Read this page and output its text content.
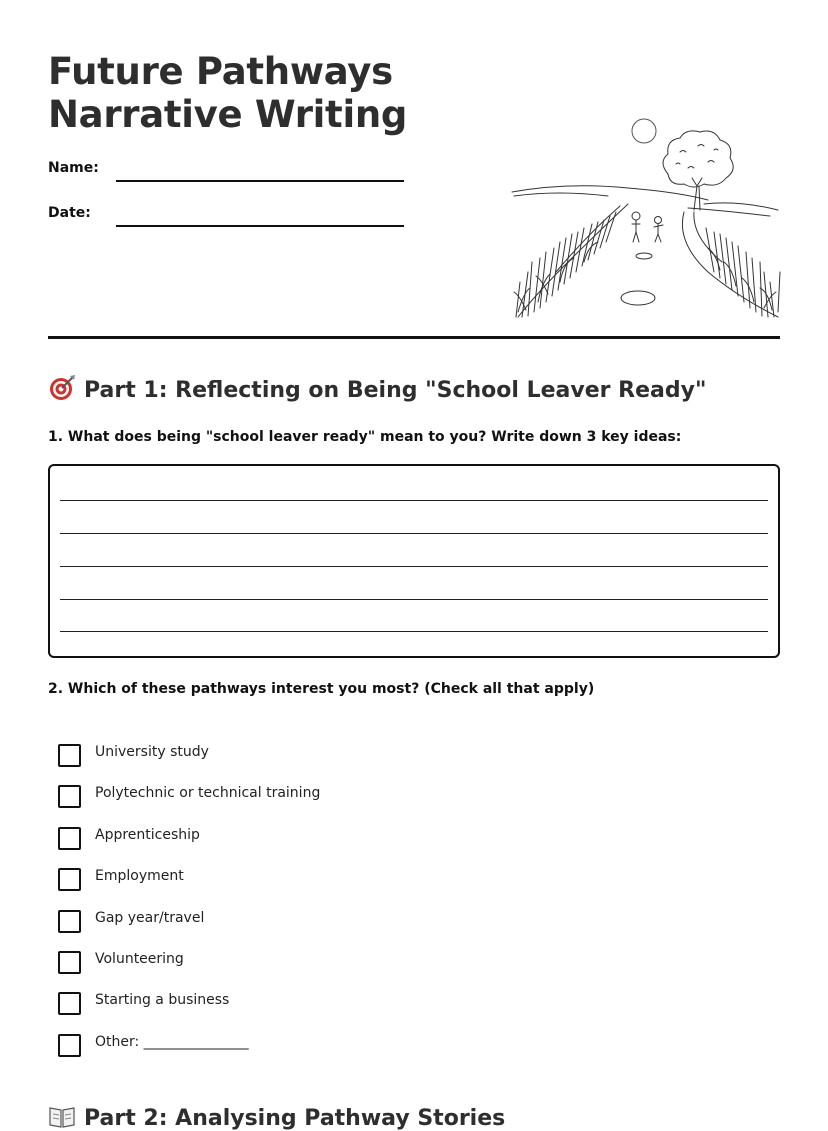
Future Pathways
Narrative Writing
Name:
Date:
Part 1: Reflecting on Being "School Leaver Ready"

1. What does being "school leaver ready" mean to you? Write down 3 key ideas:

2. Which of these pathways interest you most? (Check all that apply)

University study
Polytechnic or technical training
Apprenticeship
Employment
Gap year/travel
Volunteering
Starting a business
Other: _______________
Part 2: Analysing Pathway Stories
